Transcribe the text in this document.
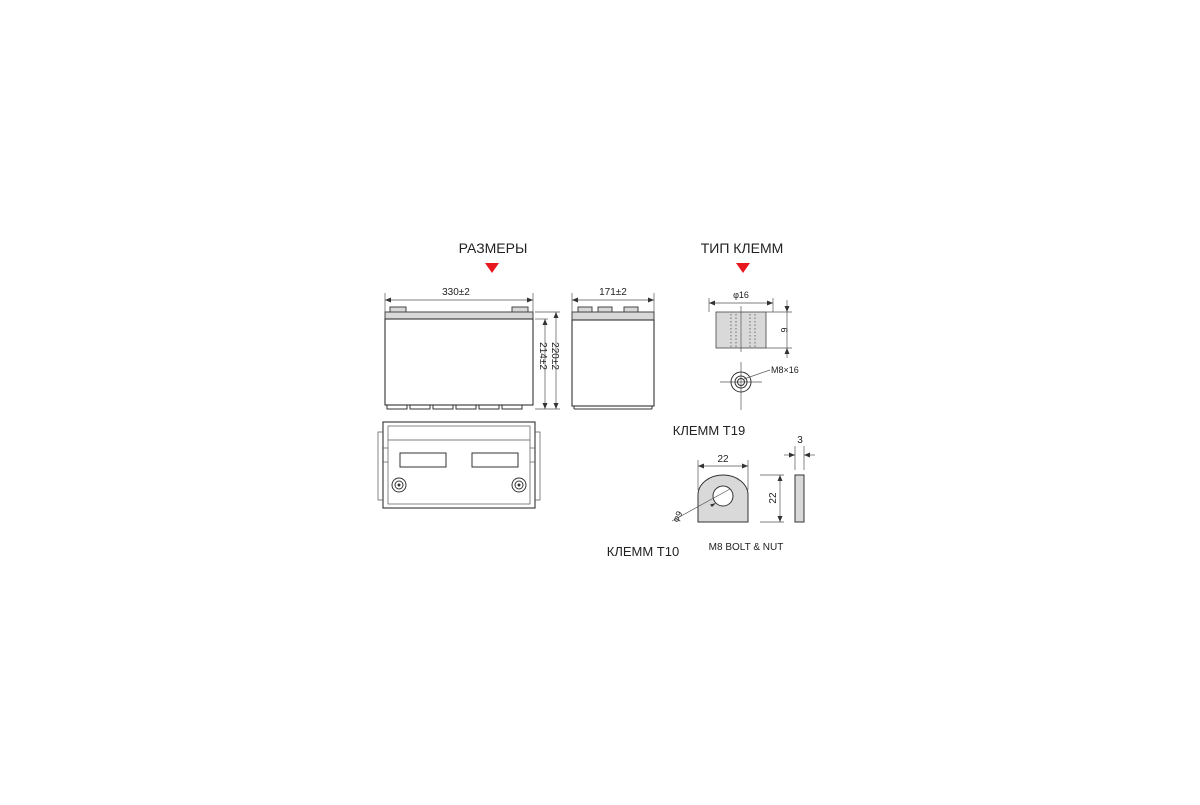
РАЗМЕРЫ	ТИП КЛЕММ
330±2
214±2 220±2
171±2	φ16
6
M8×16
КЛЕММ Т19
22
φ9
22
3
M8 BOLT & NUT
КЛЕММ Т10
